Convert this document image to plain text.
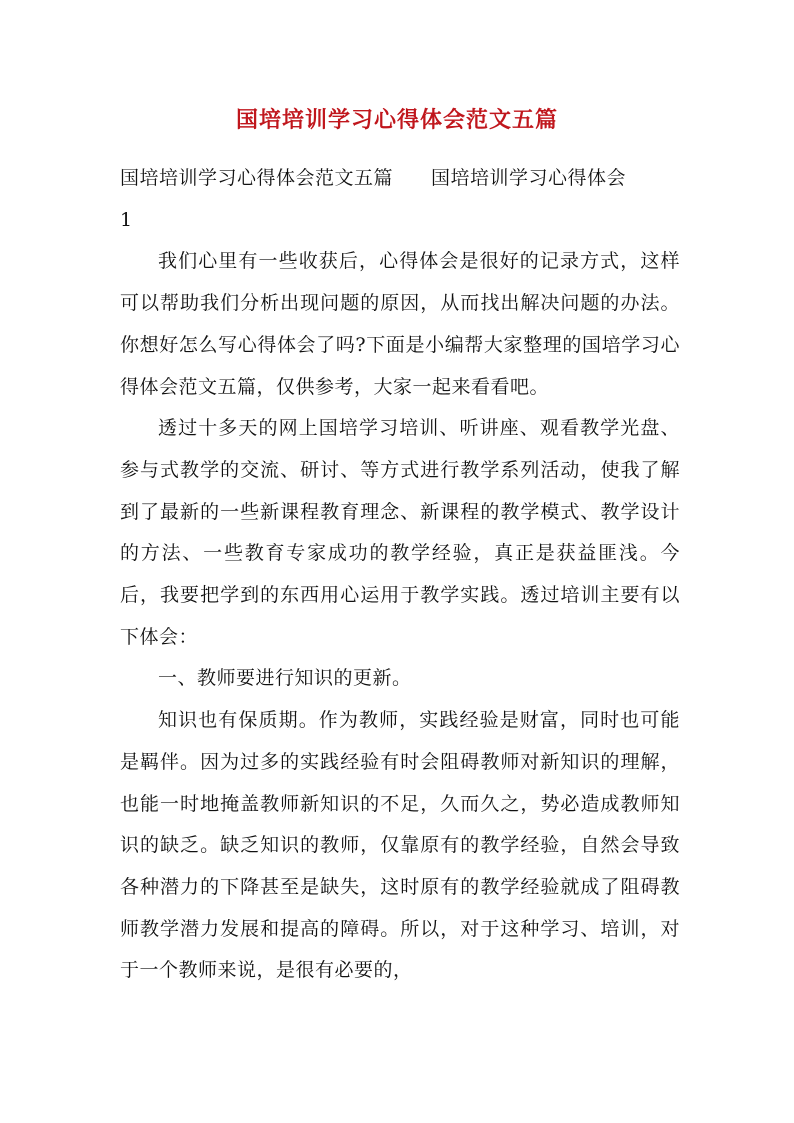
国培培训学习心得体会范文五篇

国培培训学习心得体会范文五篇 国培培训学习心得体会

1

我们心里有一些收获后，心得体会是很好的记录方式，这样可以帮助我们分析出现问题的原因，从而找出解决问题的办法。你想好怎么写心得体会了吗?下面是小编帮大家整理的国培学习心得体会范文五篇，仅供参考，大家一起来看看吧。

透过十多天的网上国培学习培训、听讲座、观看教学光盘、参与式教学的交流、研讨、等方式进行教学系列活动，使我了解到了最新的一些新课程教育理念、新课程的教学模式、教学设计的方法、一些教育专家成功的教学经验，真正是获益匪浅。今后，我要把学到的东西用心运用于教学实践。透过培训主要有以下体会：

一、教师要进行知识的更新。

知识也有保质期。作为教师，实践经验是财富，同时也可能是羁伴。因为过多的实践经验有时会阻碍教师对新知识的理解，也能一时地掩盖教师新知识的不足，久而久之，势必造成教师知识的缺乏。缺乏知识的教师，仅靠原有的教学经验，自然会导致各种潜力的下降甚至是缺失，这时原有的教学经验就成了阻碍教师教学潜力发展和提高的障碍。所以，对于这种学习、培训，对于一个教师来说，是很有必要的，
